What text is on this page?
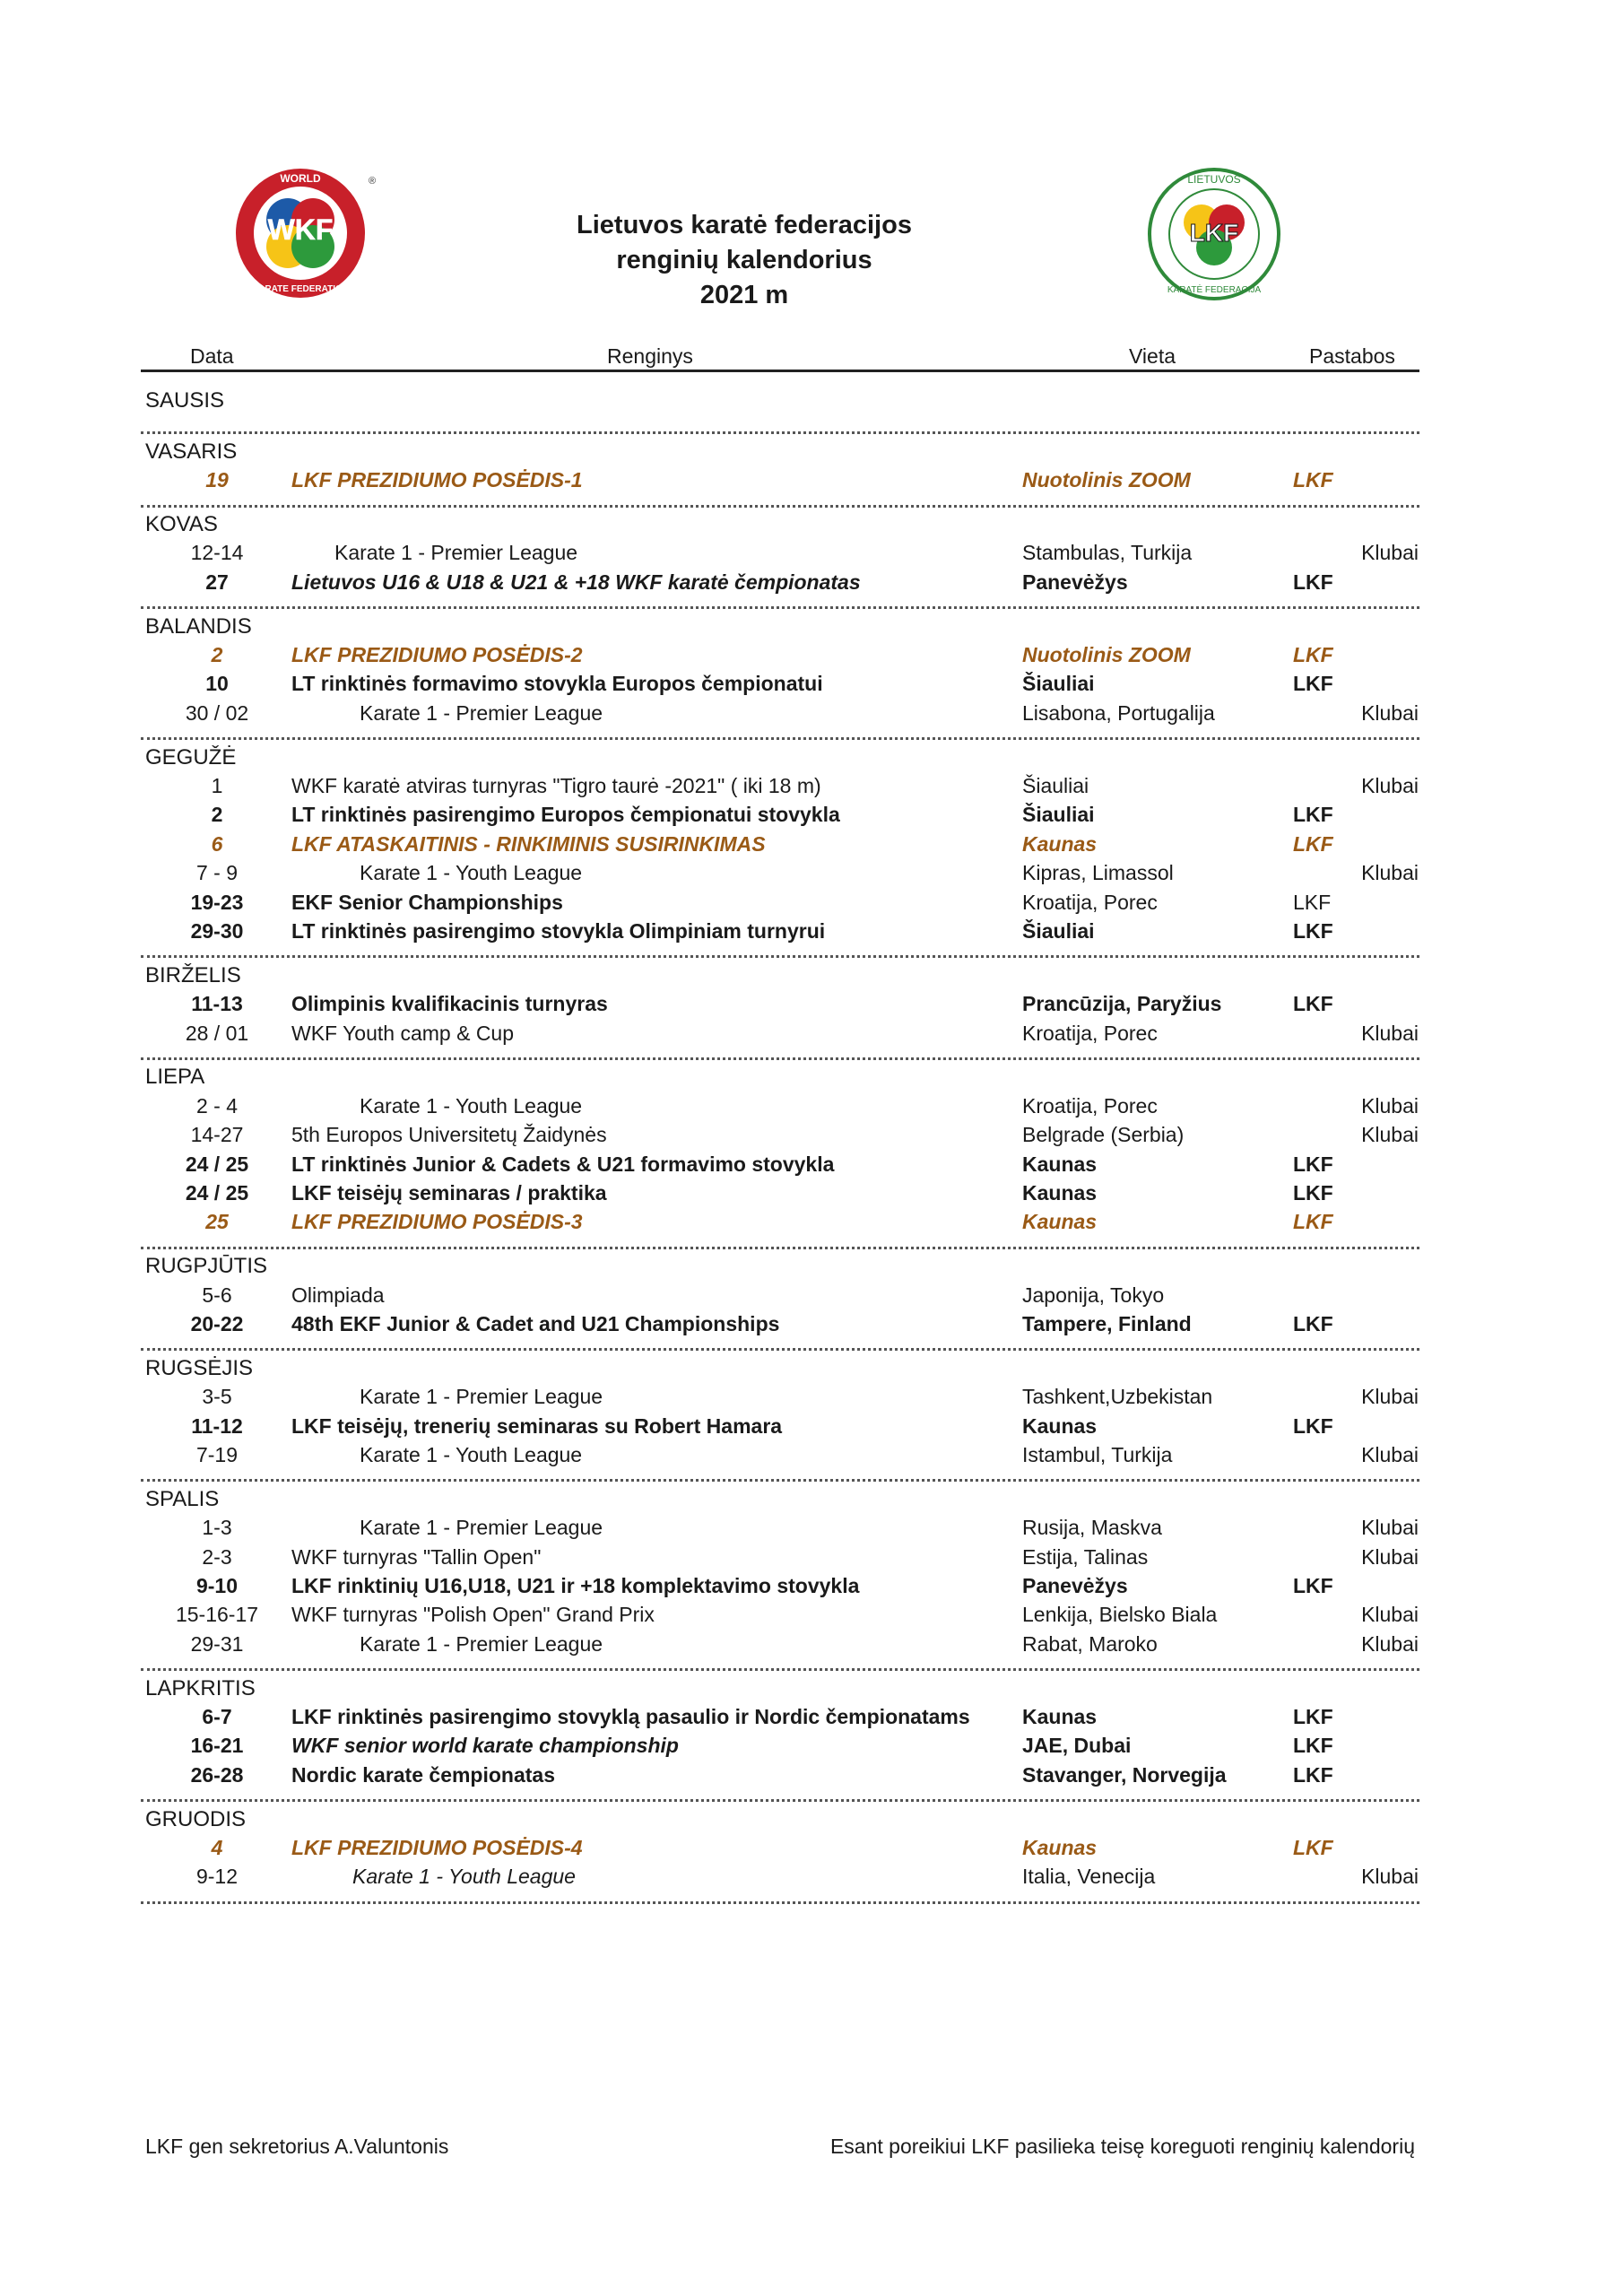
WKF
WORLD
KARATE FEDERATION
®
LKF
LIETUVOS
KARATĖ FEDERACIJA
Lietuvos karatė federacijos
renginių kalendorius
2021 m
Data	Renginys	Vieta	Pastabos
SAUSIS
VASARIS
19	LKF PREZIDIUMO POSĖDIS-1	Nuotolinis ZOOM	LKF
KOVAS
12-14	Karate 1 - Premier League	Stambulas, Turkija	Klubai
27	Lietuvos U16 & U18 & U21 & +18 WKF karatė čempionatas	Panevėžys	LKF
BALANDIS
2	LKF PREZIDIUMO POSĖDIS-2	Nuotolinis ZOOM	LKF
10	LT rinktinės formavimo stovykla Europos čempionatui	Šiauliai	LKF
30 / 02	Karate 1 - Premier League	Lisabona, Portugalija	Klubai
GEGUŽĖ
1	WKF karatė atviras turnyras "Tigro taurė -2021" ( iki 18 m)	Šiauliai	Klubai
2	LT rinktinės pasirengimo Europos čempionatui stovykla	Šiauliai	LKF
6	LKF ATASKAITINIS - RINKIMINIS SUSIRINKIMAS	Kaunas	LKF
7 - 9	Karate 1 - Youth League	Kipras, Limassol	Klubai
19-23	EKF Senior Championships	Kroatija, Porec	LKF
29-30	LT rinktinės pasirengimo stovykla Olimpiniam turnyrui	Šiauliai	LKF
BIRŽELIS
11-13	Olimpinis kvalifikacinis turnyras	Prancūzija, Paryžius	LKF
28 / 01	WKF Youth camp & Cup	Kroatija, Porec	Klubai
LIEPA
2 - 4	Karate 1 - Youth League	Kroatija, Porec	Klubai
14-27	5th Europos Universitetų Žaidynės	Belgrade (Serbia)	Klubai
24 / 25	LT rinktinės Junior & Cadets & U21 formavimo stovykla	Kaunas	LKF
24 / 25	LKF teisėjų seminaras / praktika	Kaunas	LKF
25	LKF PREZIDIUMO POSĖDIS-3	Kaunas	LKF
RUGPJŪTIS
5-6	Olimpiada	Japonija, Tokyo
20-22	48th EKF Junior & Cadet and U21 Championships	Tampere, Finland	LKF
RUGSĖJIS
3-5	Karate 1 - Premier League	Tashkent,Uzbekistan	Klubai
11-12	LKF teisėjų, trenerių seminaras su Robert Hamara	Kaunas	LKF
7-19	Karate 1 - Youth League	Istambul, Turkija	Klubai
SPALIS
1-3	Karate 1 - Premier League	Rusija, Maskva	Klubai
2-3	WKF turnyras "Tallin Open"	Estija, Talinas	Klubai
9-10	LKF rinktinių U16,U18, U21 ir +18 komplektavimo stovykla	Panevėžys	LKF
15-16-17	WKF turnyras "Polish Open" Grand Prix	Lenkija, Bielsko Biala	Klubai
29-31	Karate 1 - Premier League	Rabat, Maroko	Klubai
LAPKRITIS
6-7	LKF rinktinės pasirengimo stovyklą pasaulio ir Nordic čempionatams	Kaunas	LKF
16-21	WKF senior world karate championship	JAE, Dubai	LKF
26-28	Nordic karate čempionatas	Stavanger, Norvegija	LKF
GRUODIS
4	LKF PREZIDIUMO POSĖDIS-4	Kaunas	LKF
9-12	Karate 1 - Youth League	Italia, Venecija	Klubai
LKF gen sekretorius A.Valuntonis	Esant poreikiui LKF pasilieka teisę koreguoti renginių kalendorių
